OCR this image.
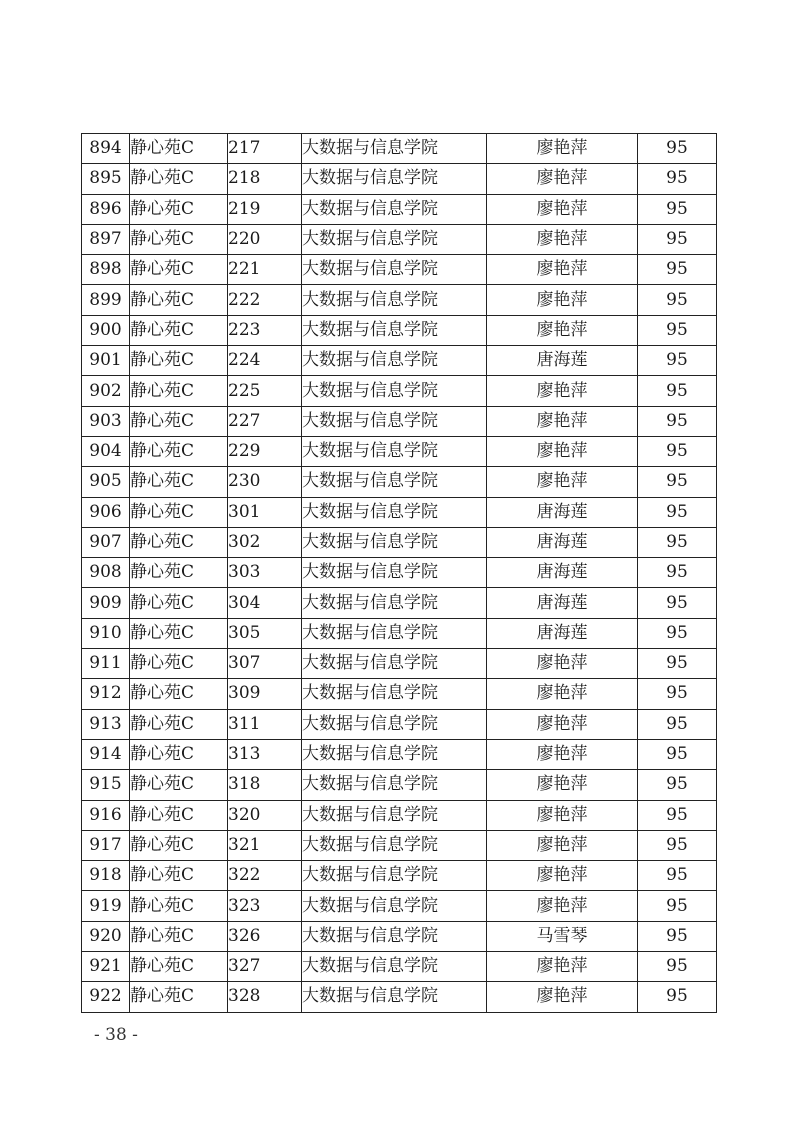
894	静心苑C	217	大数据与信息学院	廖艳萍	95
895	静心苑C	218	大数据与信息学院	廖艳萍	95
896	静心苑C	219	大数据与信息学院	廖艳萍	95
897	静心苑C	220	大数据与信息学院	廖艳萍	95
898	静心苑C	221	大数据与信息学院	廖艳萍	95
899	静心苑C	222	大数据与信息学院	廖艳萍	95
900	静心苑C	223	大数据与信息学院	廖艳萍	95
901	静心苑C	224	大数据与信息学院	唐海莲	95
902	静心苑C	225	大数据与信息学院	廖艳萍	95
903	静心苑C	227	大数据与信息学院	廖艳萍	95
904	静心苑C	229	大数据与信息学院	廖艳萍	95
905	静心苑C	230	大数据与信息学院	廖艳萍	95
906	静心苑C	301	大数据与信息学院	唐海莲	95
907	静心苑C	302	大数据与信息学院	唐海莲	95
908	静心苑C	303	大数据与信息学院	唐海莲	95
909	静心苑C	304	大数据与信息学院	唐海莲	95
910	静心苑C	305	大数据与信息学院	唐海莲	95
911	静心苑C	307	大数据与信息学院	廖艳萍	95
912	静心苑C	309	大数据与信息学院	廖艳萍	95
913	静心苑C	311	大数据与信息学院	廖艳萍	95
914	静心苑C	313	大数据与信息学院	廖艳萍	95
915	静心苑C	318	大数据与信息学院	廖艳萍	95
916	静心苑C	320	大数据与信息学院	廖艳萍	95
917	静心苑C	321	大数据与信息学院	廖艳萍	95
918	静心苑C	322	大数据与信息学院	廖艳萍	95
919	静心苑C	323	大数据与信息学院	廖艳萍	95
920	静心苑C	326	大数据与信息学院	马雪琴	95
921	静心苑C	327	大数据与信息学院	廖艳萍	95
922	静心苑C	328	大数据与信息学院	廖艳萍	95
- 38 -
